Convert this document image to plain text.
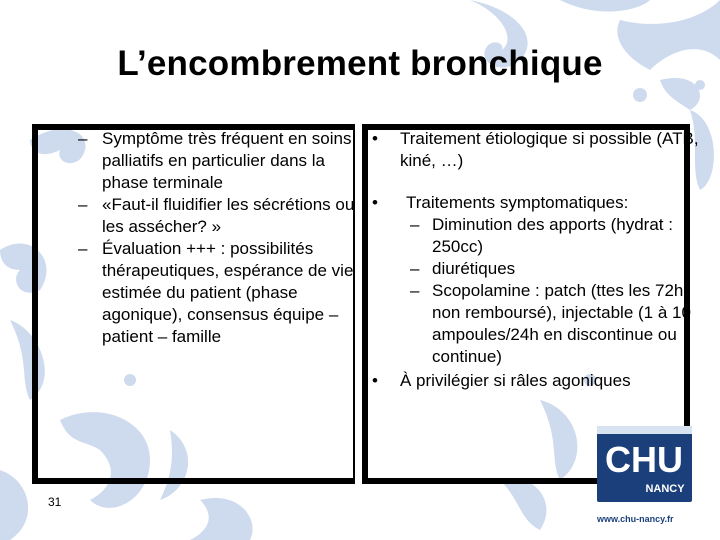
L’encombrement bronchique
– Symptôme très fréquent en soins palliatifs en particulier dans la phase terminale
– «Faut-il fluidifier les sécrétions ou les assécher? »
– Évaluation +++ : possibilités thérapeutiques, espérance de vie estimée du patient (phase agonique), consensus équipe – patient – famille
• Traitement étiologique si possible (ATB, kiné, …)
• Traitements symptomatiques:
– Diminution des apports (hydrat : 250cc)
– diurétiques
– Scopolamine : patch (ttes les 72h, non remboursé), injectable (1 à 10 ampoules/24h en discontinue ou continue)
• À privilégier si râles agoniques
31
CHU
NANCY
www.chu-nancy.fr
